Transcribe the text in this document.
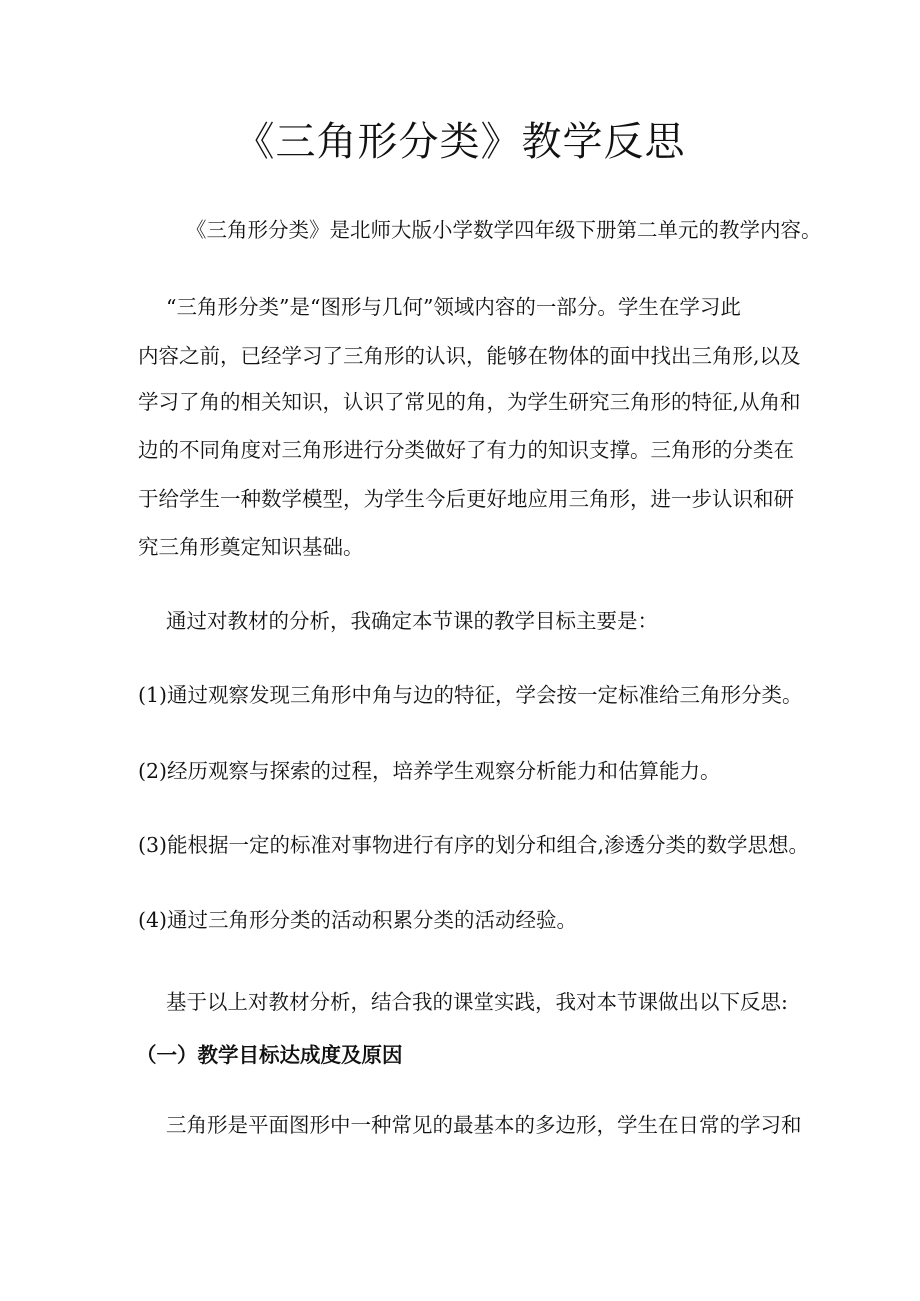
《三角形分类》教学反思

《三角形分类》是北师大版小学数学四年级下册第二单元的教学内容。

“三角形分类”是“图形与几何”领域内容的一部分。学生在学习此

内容之前，已经学习了三角形的认识，能够在物体的面中找出三角形,以及

学习了角的相关知识，认识了常见的角，为学生研究三角形的特征,从角和

边的不同角度对三角形进行分类做好了有力的知识支撑。三角形的分类在

于给学生一种数学模型，为学生今后更好地应用三角形，进一步认识和研

究三角形奠定知识基础。

通过对教材的分析，我确定本节课的教学目标主要是：

(1)通过观察发现三角形中角与边的特征，学会按一定标准给三角形分类。

(2)经历观察与探索的过程，培养学生观察分析能力和估算能力。

(3)能根据一定的标准对事物进行有序的划分和组合,渗透分类的数学思想。

(4)通过三角形分类的活动积累分类的活动经验。

基于以上对教材分析，结合我的课堂实践，我对本节课做出以下反思:

（一）教学目标达成度及原因

三角形是平面图形中一种常见的最基本的多边形，学生在日常的学习和
